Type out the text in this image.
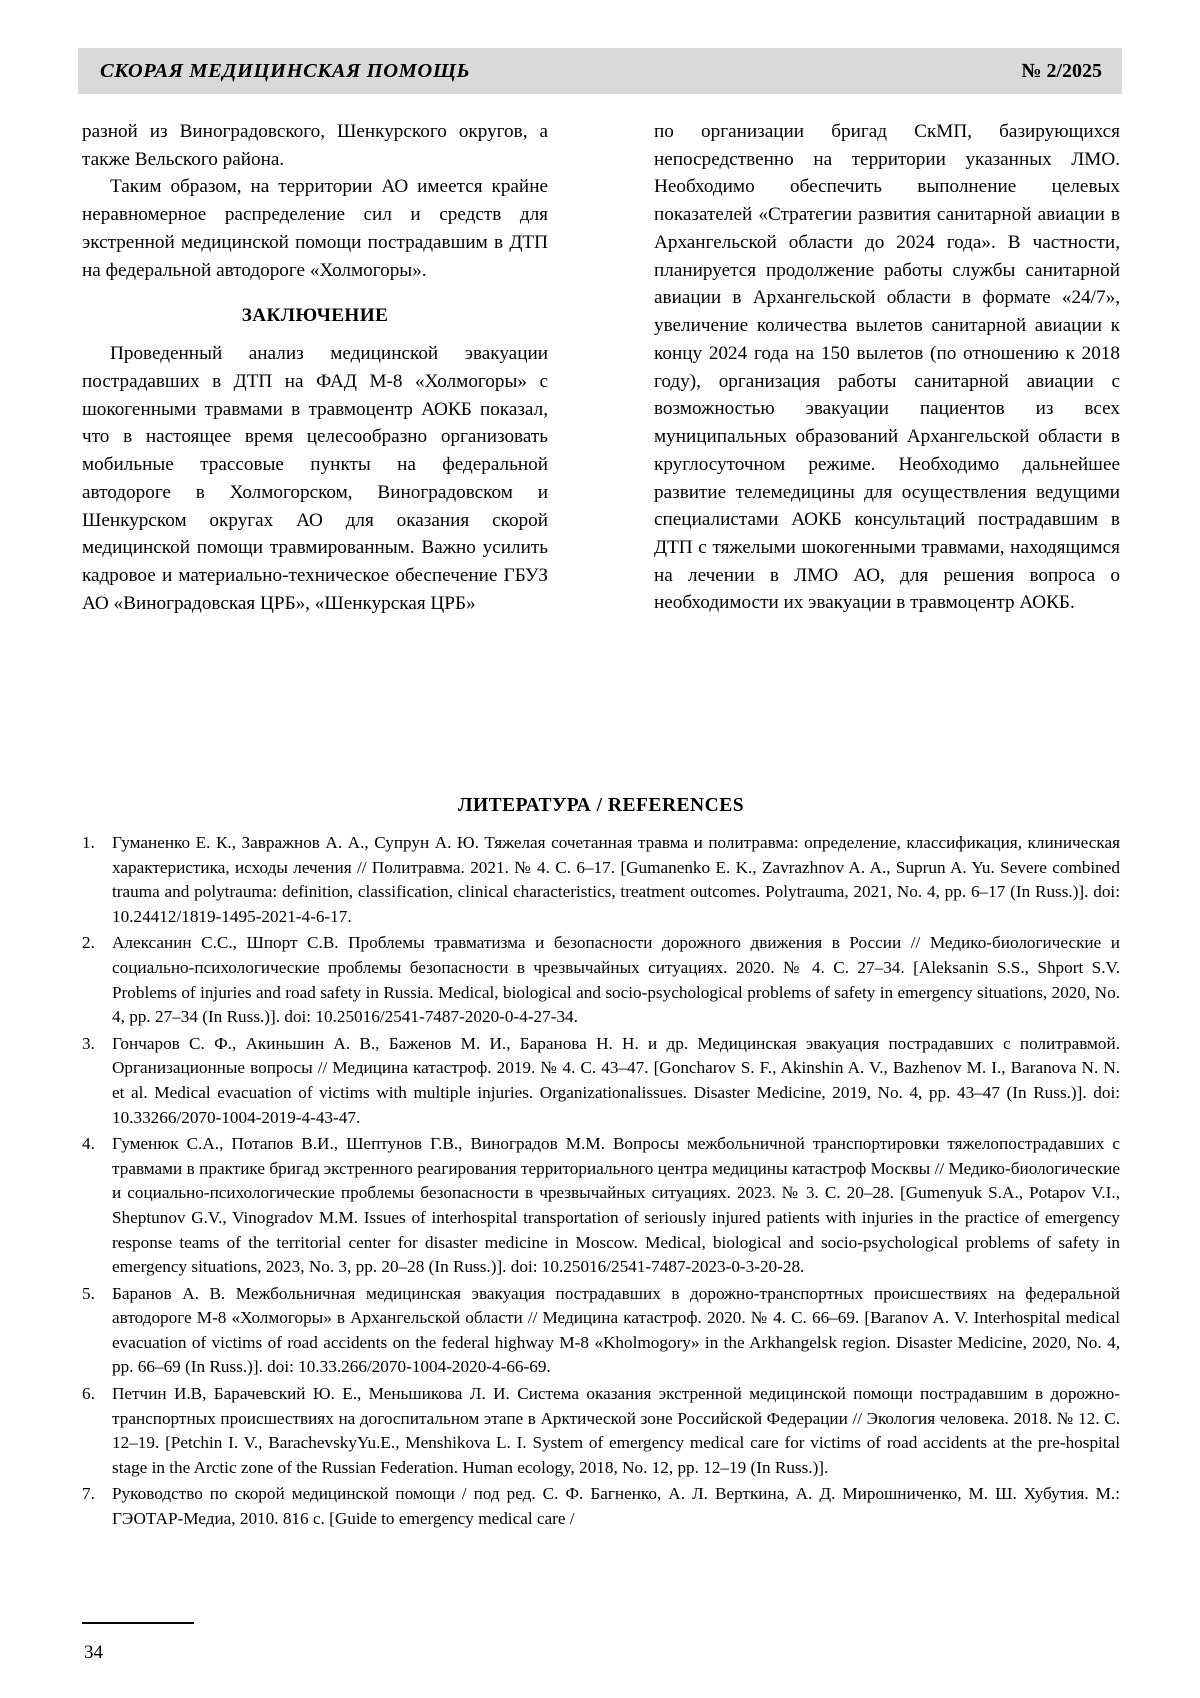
СКОРАЯ МЕДИЦИНСКАЯ ПОМОЩЬ	№ 2/2025

разной из Виноградовского, Шенкурского округов, а также Вельского района.

Таким образом, на территории АО имеется крайне неравномерное распределение сил и средств для экстренной медицинской помощи пострадавшим в ДТП на федеральной автодороге «Холмогоры».

ЗАКЛЮЧЕНИЕ

Проведенный анализ медицинской эвакуации пострадавших в ДТП на ФАД М-8 «Холмогоры» с шокогенными травмами в травмоцентр АОКБ показал, что в настоящее время целесообразно организовать мобильные трассовые пункты на федеральной автодороге в Холмогорском, Виноградовском и Шенкурском округах АО для оказания скорой медицинской помощи травмированным. Важно усилить кадровое и материально-техническое обеспечение ГБУЗ АО «Виноградовская ЦРБ», «Шенкурская ЦРБ»

по организации бригад СкМП, базирующихся непосредственно на территории указанных ЛМО. Необходимо обеспечить выполнение целевых показателей «Стратегии развития санитарной авиации в Архангельской области до 2024 года». В частности, планируется продолжение работы службы санитарной авиации в Архангельской области в формате «24/7», увеличение количества вылетов санитарной авиации к концу 2024 года на 150 вылетов (по отношению к 2018 году), организация работы санитарной авиации с возможностью эвакуации пациентов из всех муниципальных образований Архангельской области в круглосуточном режиме. Необходимо дальнейшее развитие телемедицины для осуществления ведущими специалистами АОКБ консультаций пострадавшим в ДТП с тяжелыми шокогенными травмами, находящимся на лечении в ЛМО АО, для решения вопроса о необходимости их эвакуации в травмоцентр АОКБ.

ЛИТЕРАТУРА / REFERENCES
1. Гуманенко Е. К., Завражнов А. А., Супрун А. Ю. Тяжелая сочетанная травма и политравма: определение, классификация, клиническая характеристика, исходы лечения // Политравма. 2021. № 4. С. 6–17. [Gumanenko E. K., Zavrazhnov A. A., Suprun A. Yu. Severe combined trauma and polytrauma: definition, classification, clinical characteristics, treatment outcomes. Polytrauma, 2021, No. 4, pp. 6–17 (In Russ.)]. doi: 10.24412/1819-1495-2021-4-6-17.
2. Алексанин С.С., Шпорт С.В. Проблемы травматизма и безопасности дорожного движения в России // Медико-биологические и социально-психологические проблемы безопасности в чрезвычайных ситуациях. 2020. № 4. С. 27–34. [Aleksanin S.S., Shport S.V. Problems of injuries and road safety in Russia. Medical, biological and socio-psychological problems of safety in emergency situations, 2020, No. 4, pp. 27–34 (In Russ.)]. doi: 10.25016/2541-7487-2020-0-4-27-34.
3. Гончаров С. Ф., Акиньшин А. В., Баженов М. И., Баранова Н. Н. и др. Медицинская эвакуация пострадавших с политравмой. Организационные вопросы // Медицина катастроф. 2019. № 4. С. 43–47. [Goncharov S. F., Akinshin A. V., Bazhenov M. I., Baranova N. N. et al. Medical evacuation of victims with multiple injuries. Organizationalissues. Disaster Medicine, 2019, No. 4, pp. 43–47 (In Russ.)]. doi: 10.33266/2070-1004-2019-4-43-47.
4. Гуменюк С.А., Потапов В.И., Шептунов Г.В., Виноградов М.М. Вопросы межбольничной транспортировки тяжелопострадавших с травмами в практике бригад экстренного реагирования территориального центра медицины катастроф Москвы // Медико-биологические и социально-психологические проблемы безопасности в чрезвычайных ситуациях. 2023. № 3. С. 20–28. [Gumenyuk S.A., Potapov V.I., Sheptunov G.V., Vinogradov M.M. Issues of interhospital transportation of seriously injured patients with injuries in the practice of emergency response teams of the territorial center for disaster medicine in Moscow. Medical, biological and socio-psychological problems of safety in emergency situations, 2023, No. 3, pp. 20–28 (In Russ.)]. doi: 10.25016/2541-7487-2023-0-3-20-28.
5. Баранов А. В. Межбольничная медицинская эвакуация пострадавших в дорожно-транспортных происшествиях на федеральной автодороге М-8 «Холмогоры» в Архангельской области // Медицина катастроф. 2020. № 4. С. 66–69. [Baranov A. V. Interhospital medical evacuation of victims of road accidents on the federal highway M-8 «Kholmogory» in the Arkhangelsk region. Disaster Medicine, 2020, No. 4, pp. 66–69 (In Russ.)]. doi: 10.33.266/2070-1004-2020-4-66-69.
6. Петчин И.В, Барачевский Ю. Е., Меньшикова Л. И. Система оказания экстренной медицинской помощи пострадавшим в дорожно-транспортных происшествиях на догоспитальном этапе в Арктической зоне Российской Федерации // Экология человека. 2018. № 12. С. 12–19. [Petchin I. V., BarachevskyYu.E., Menshikova L. I. System of emergency medical care for victims of road accidents at the pre-hospital stage in the Arctic zone of the Russian Federation. Human ecology, 2018, No. 12, pp. 12–19 (In Russ.)].
7. Руководство по скорой медицинской помощи / под ред. С. Ф. Багненко, А. Л. Верткина, А. Д. Мирошниченко, М. Ш. Хубутия. М.: ГЭОТАР-Медиа, 2010. 816 с. [Guide to emergency medical care /
34
